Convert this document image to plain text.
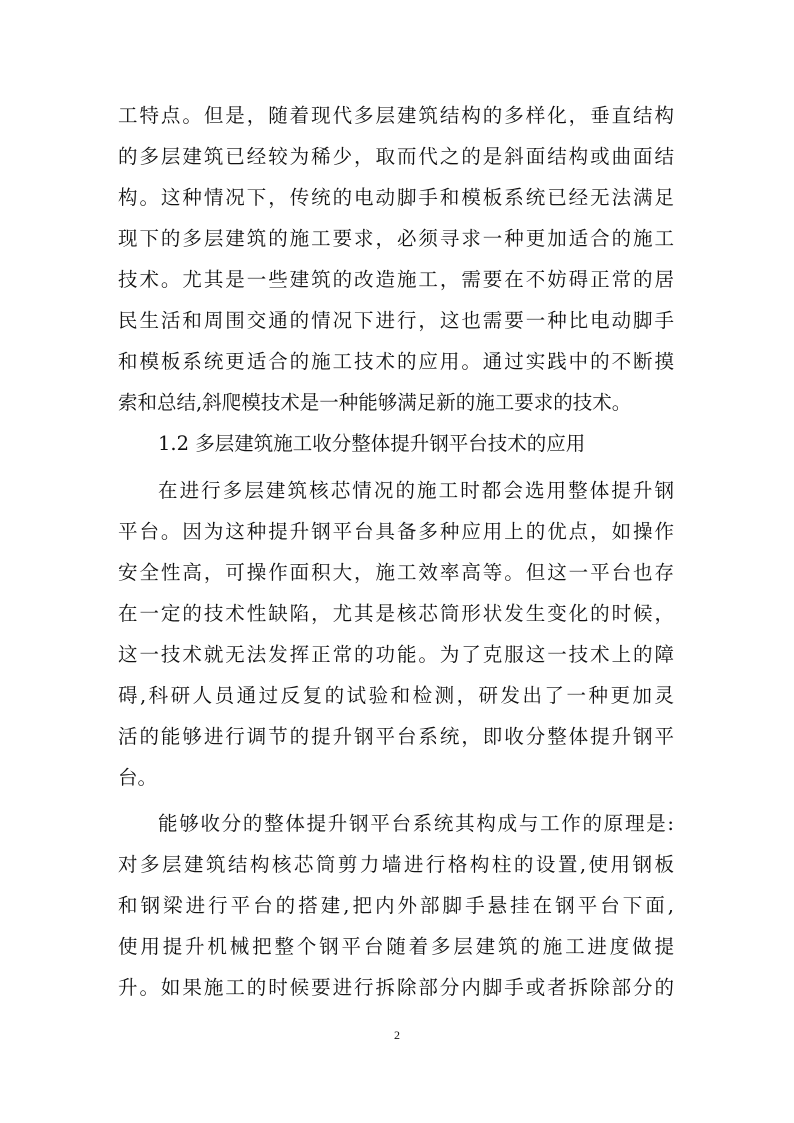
工特点。但是，随着现代多层建筑结构的多样化，垂直结构
的多层建筑已经较为稀少，取而代之的是斜面结构或曲面结
构。这种情况下，传统的电动脚手和模板系统已经无法满足
现下的多层建筑的施工要求，必须寻求一种更加适合的施工
技术。尤其是一些建筑的改造施工，需要在不妨碍正常的居
民生活和周围交通的情况下进行，这也需要一种比电动脚手
和模板系统更适合的施工技术的应用。通过实践中的不断摸
索和总结,斜爬模技术是一种能够满足新的施工要求的技术。
1.2 多层建筑施工收分整体提升钢平台技术的应用
在进行多层建筑核芯情况的施工时都会选用整体提升钢
平台。因为这种提升钢平台具备多种应用上的优点，如操作
安全性高，可操作面积大，施工效率高等。但这一平台也存
在一定的技术性缺陷，尤其是核芯筒形状发生变化的时候，
这一技术就无法发挥正常的功能。为了克服这一技术上的障
碍,科研人员通过反复的试验和检测，研发出了一种更加灵
活的能够进行调节的提升钢平台系统，即收分整体提升钢平
台。
能够收分的整体提升钢平台系统其构成与工作的原理是:
对多层建筑结构核芯筒剪力墙进行格构柱的设置,使用钢板
和钢梁进行平台的搭建,把内外部脚手悬挂在钢平台下面,
使用提升机械把整个钢平台随着多层建筑的施工进度做提
升。如果施工的时候要进行拆除部分内脚手或者拆除部分的
2
